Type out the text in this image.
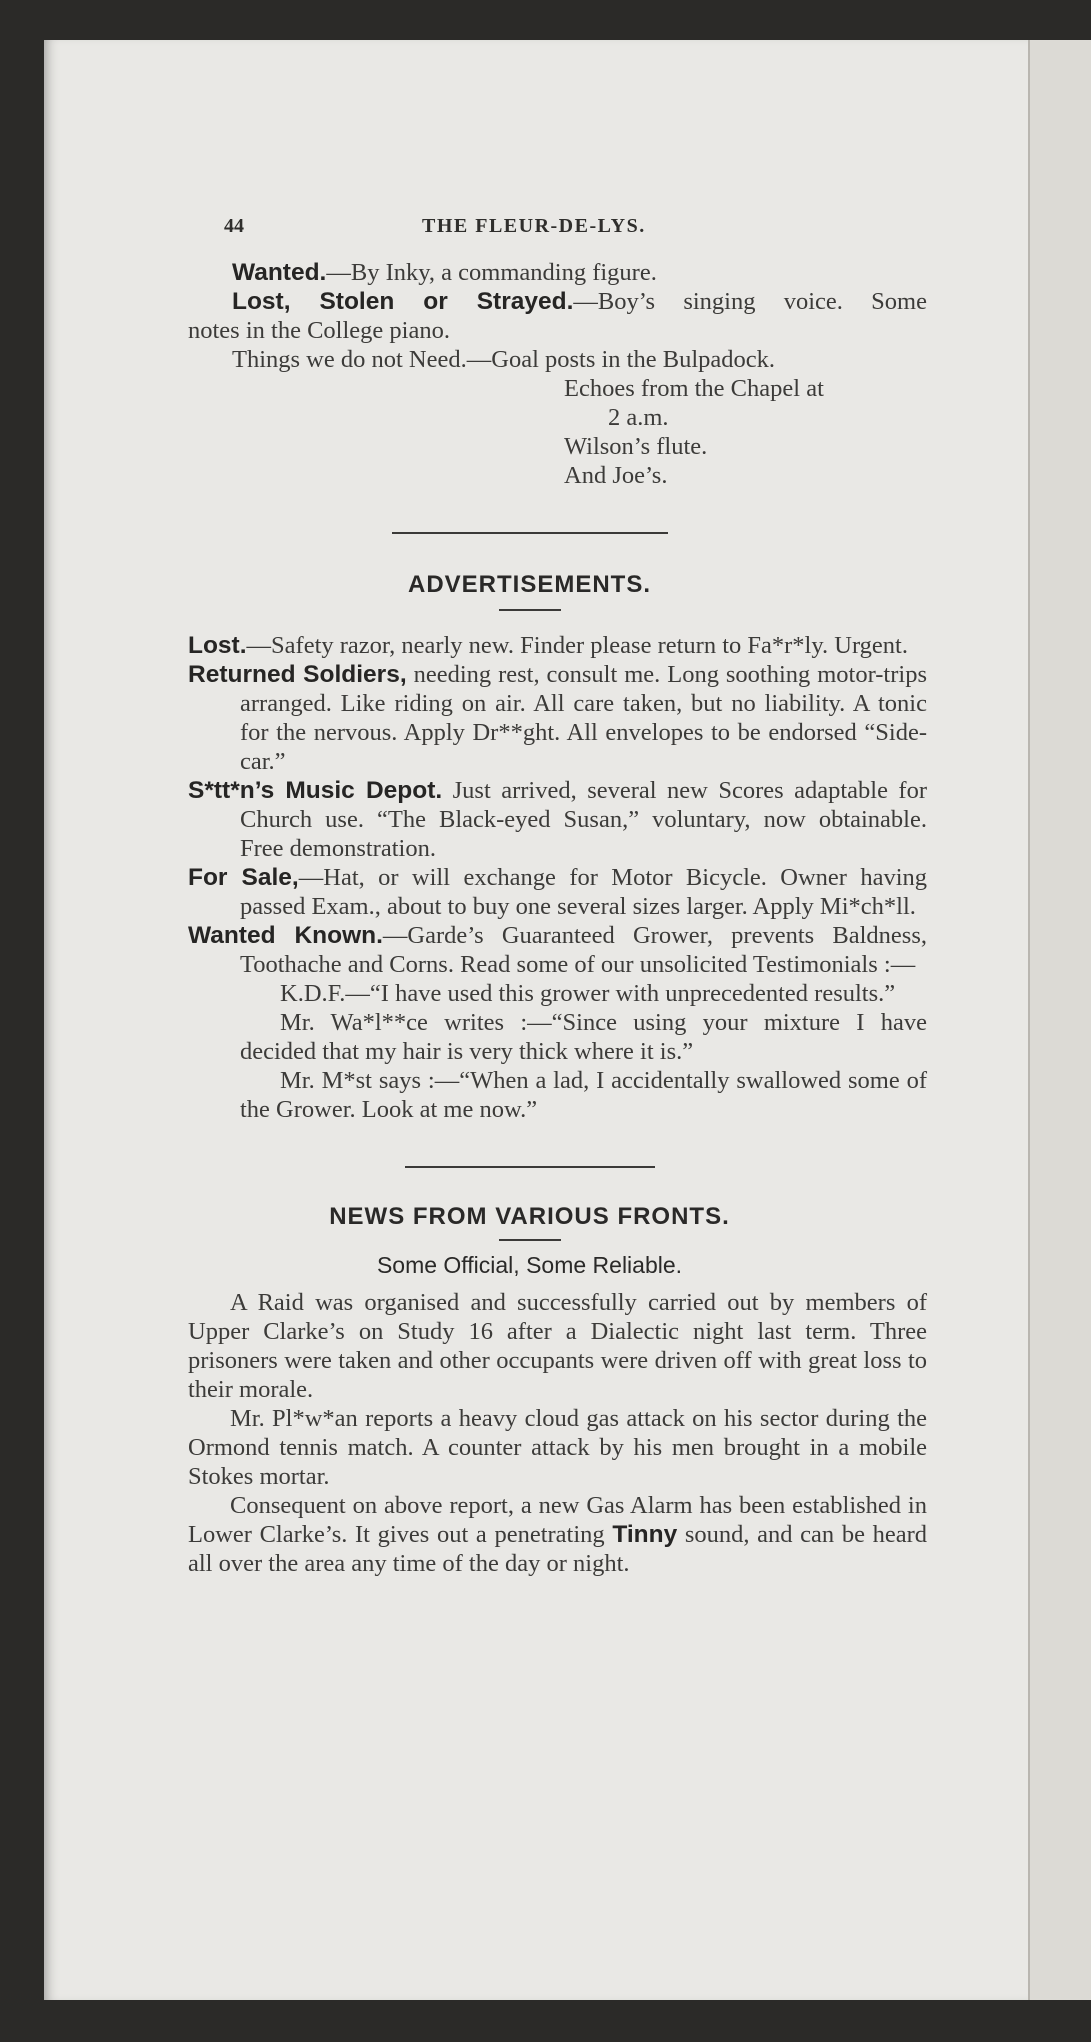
44	THE FLEUR-DE-LYS.

Wanted.—By Inky, a commanding figure.

Lost, Stolen or Strayed.—Boy’s singing voice. Some

notes in the College piano.

Things we do not Need.—Goal posts in the Bulpadock.

Echoes from the Chapel at

2 a.m.

Wilson’s flute.

And Joe’s.

ADVERTISEMENTS.

Lost.—Safety razor, nearly new. Finder please return to Fa*r*ly. Urgent.

Returned Soldiers, needing rest, consult me. Long soothing motor-trips arranged. Like riding on air. All care taken, but no liability. A tonic for the nervous. Apply Dr**ght. All envelopes to be endorsed “Side-car.”

S*tt*n’s Music Depot. Just arrived, several new Scores adaptable for Church use. “The Black-eyed Susan,” voluntary, now obtainable. Free demonstration.

For Sale,—Hat, or will exchange for Motor Bicycle. Owner having passed Exam., about to buy one several sizes larger. Apply Mi*ch*ll.

Wanted Known.—Garde’s Guaranteed Grower, prevents Baldness, Toothache and Corns. Read some of our unsolicited Testimonials :—

K.D.F.—“I have used this grower with unprecedented results.”

Mr. Wa*l**ce writes :—“Since using your mixture I have decided that my hair is very thick where it is.”

Mr. M*st says :—“When a lad, I accidentally swallowed some of the Grower. Look at me now.”

NEWS FROM VARIOUS FRONTS.
Some Official, Some Reliable.

A Raid was organised and successfully carried out by members of Upper Clarke’s on Study 16 after a Dialectic night last term. Three prisoners were taken and other occupants were driven off with great loss to their morale.

Mr. Pl*w*an reports a heavy cloud gas attack on his sector during the Ormond tennis match. A counter attack by his men brought in a mobile Stokes mortar.

Consequent on above report, a new Gas Alarm has been established in Lower Clarke’s. It gives out a penetrating Tinny sound, and can be heard all over the area any time of the day or night.
